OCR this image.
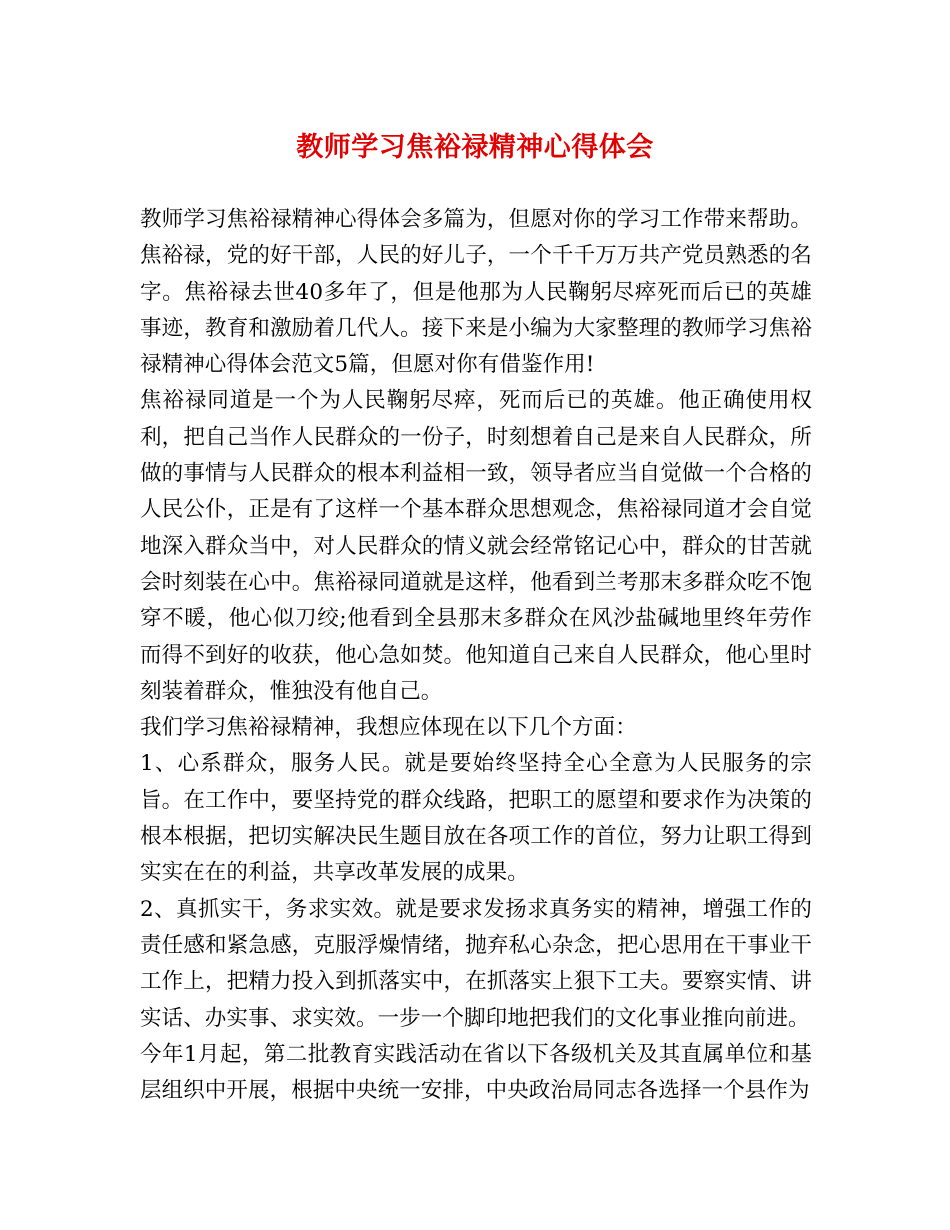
教师学习焦裕禄精神心得体会

教师学习焦裕禄精神心得体会多篇为，但愿对你的学习工作带来帮助。焦裕禄，党的好干部，人民的好儿子，一个千千万万共产党员熟悉的名字。焦裕禄去世40多年了，但是他那为人民鞠躬尽瘁死而后已的英雄事迹，教育和激励着几代人。接下来是小编为大家整理的教师学习焦裕禄精神心得体会范文5篇，但愿对你有借鉴作用!

焦裕禄同道是一个为人民鞠躬尽瘁，死而后已的英雄。他正确使用权利，把自己当作人民群众的一份子，时刻想着自己是来自人民群众，所做的事情与人民群众的根本利益相一致，领导者应当自觉做一个合格的人民公仆，正是有了这样一个基本群众思想观念，焦裕禄同道才会自觉地深入群众当中，对人民群众的情义就会经常铭记心中，群众的甘苦就会时刻装在心中。焦裕禄同道就是这样，他看到兰考那末多群众吃不饱穿不暖，他心似刀绞;他看到全县那末多群众在风沙盐碱地里终年劳作而得不到好的收获，他心急如焚。他知道自己来自人民群众，他心里时刻装着群众，惟独没有他自己。

我们学习焦裕禄精神，我想应体现在以下几个方面：

1、心系群众，服务人民。就是要始终坚持全心全意为人民服务的宗旨。在工作中，要坚持党的群众线路，把职工的愿望和要求作为决策的根本根据，把切实解决民生题目放在各项工作的首位，努力让职工得到实实在在的利益，共享改革发展的成果。

2、真抓实干，务求实效。就是要求发扬求真务实的精神，增强工作的责任感和紧急感，克服浮燥情绪，抛弃私心杂念，把心思用在干事业干工作上，把精力投入到抓落实中，在抓落实上狠下工夫。要察实情、讲实话、办实事、求实效。一步一个脚印地把我们的文化事业推向前进。

今年1月起，第二批教育实践活动在省以下各级机关及其直属单位和基层组织中开展，根据中央统一安排，中央政治局同志各选择一个县作为
